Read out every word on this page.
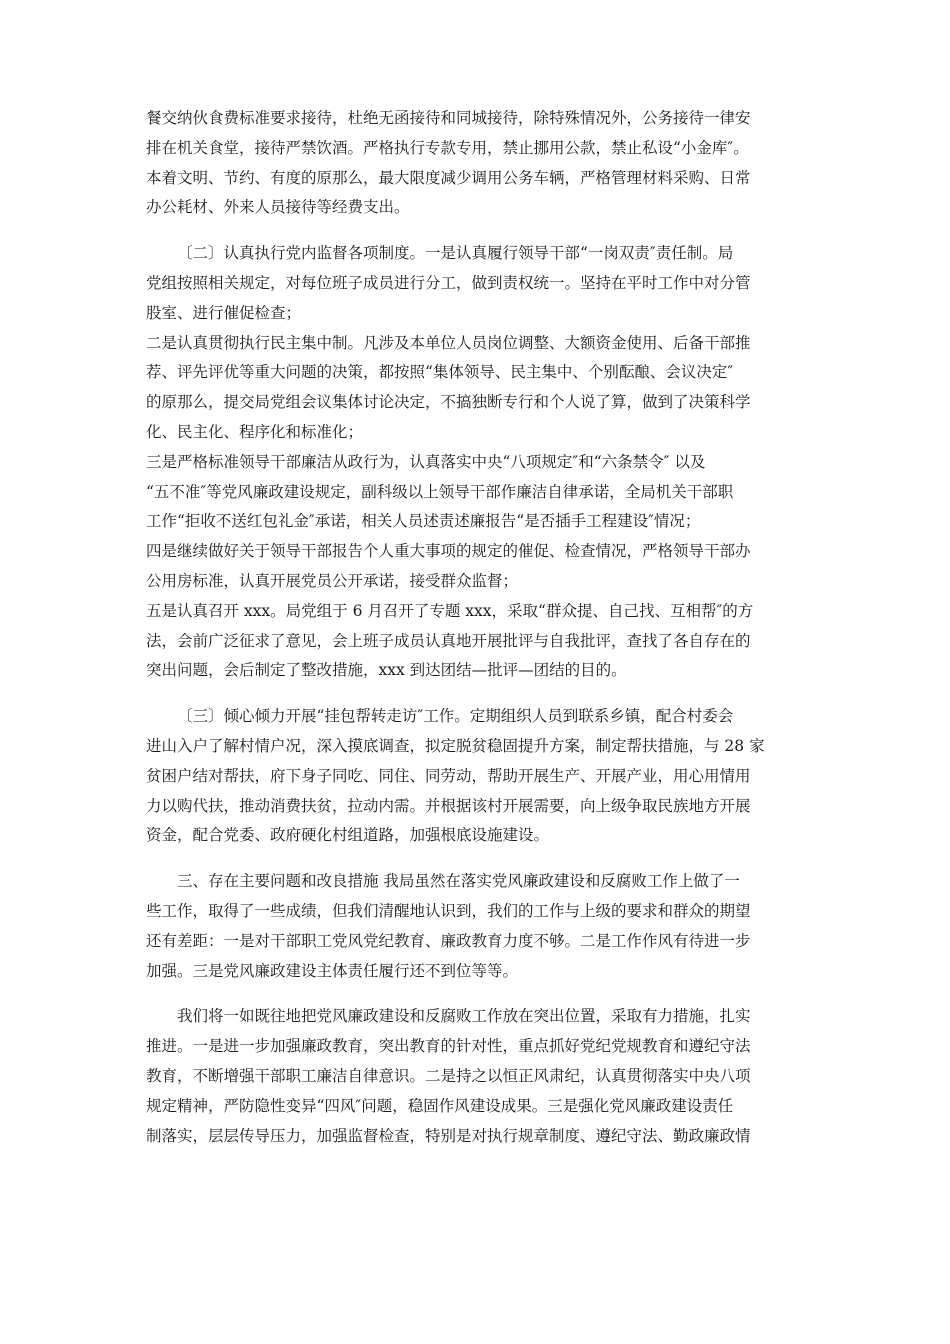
餐交纳伙食费标准要求接待，杜绝无函接待和同城接待，除特殊情况外，公务接待一律安
排在机关食堂，接待严禁饮酒。严格执行专款专用，禁止挪用公款，禁止私设“小金库″。
本着文明、节约、有度的原那么，最大限度减少调用公务车辆，严格管理材料采购、日常
办公耗材、外来人员接待等经费支出。
〔二〕认真执行党内监督各项制度。一是认真履行领导干部“一岗双责″责任制。局
党组按照相关规定，对每位班子成员进行分工，做到责权统一。坚持在平时工作中对分管
股室、进行催促检查；
二是认真贯彻执行民主集中制。凡涉及本单位人员岗位调整、大额资金使用、后备干部推
荐、评先评优等重大问题的决策，都按照“集体领导、民主集中、个别酝酿、会议决定″
的原那么，提交局党组会议集体讨论决定，不搞独断专行和个人说了算，做到了决策科学
化、民主化、程序化和标准化；
三是严格标准领导干部廉洁从政行为，认真落实中央“八项规定″和“六条禁令″ 以及
“五不准″等党风廉政建设规定，副科级以上领导干部作廉洁自律承诺，全局机关干部职
工作“拒收不送红包礼金″承诺，相关人员述责述廉报告“是否插手工程建设″情况；
四是继续做好关于领导干部报告个人重大事项的规定的催促、检查情况，严格领导干部办
公用房标准，认真开展党员公开承诺，接受群众监督；
五是认真召开 xxx。局党组于 6 月召开了专题 xxx，采取“群众提、自己找、互相帮″的方
法，会前广泛征求了意见，会上班子成员认真地开展批评与自我批评，查找了各自存在的
突出问题，会后制定了整改措施，xxx 到达团结—批评—团结的目的。
〔三〕倾心倾力开展“挂包帮转走访″工作。定期组织人员到联系乡镇，配合村委会
进山入户了解村情户况，深入摸底调查，拟定脱贫稳固提升方案，制定帮扶措施，与 28 家
贫困户结对帮扶，府下身子同吃、同住、同劳动，帮助开展生产、开展产业，用心用情用
力以购代扶，推动消费扶贫，拉动内需。并根据该村开展需要，向上级争取民族地方开展
资金，配合党委、政府硬化村组道路，加强根底设施建设。
三、存在主要问题和改良措施 我局虽然在落实党风廉政建设和反腐败工作上做了一
些工作，取得了一些成绩，但我们清醒地认识到，我们的工作与上级的要求和群众的期望
还有差距：一是对干部职工党风党纪教育、廉政教育力度不够。二是工作作风有待进一步
加强。三是党风廉政建设主体责任履行还不到位等等。
我们将一如既往地把党风廉政建设和反腐败工作放在突出位置，采取有力措施，扎实
推进。一是进一步加强廉政教育，突出教育的针对性，重点抓好党纪党规教育和遵纪守法
教育，不断增强干部职工廉洁自律意识。二是持之以恒正风肃纪，认真贯彻落实中央八项
规定精神，严防隐性变异“四风″问题，稳固作风建设成果。三是强化党风廉政建设责任
制落实，层层传导压力，加强监督检查，特别是对执行规章制度、遵纪守法、勤政廉政情
